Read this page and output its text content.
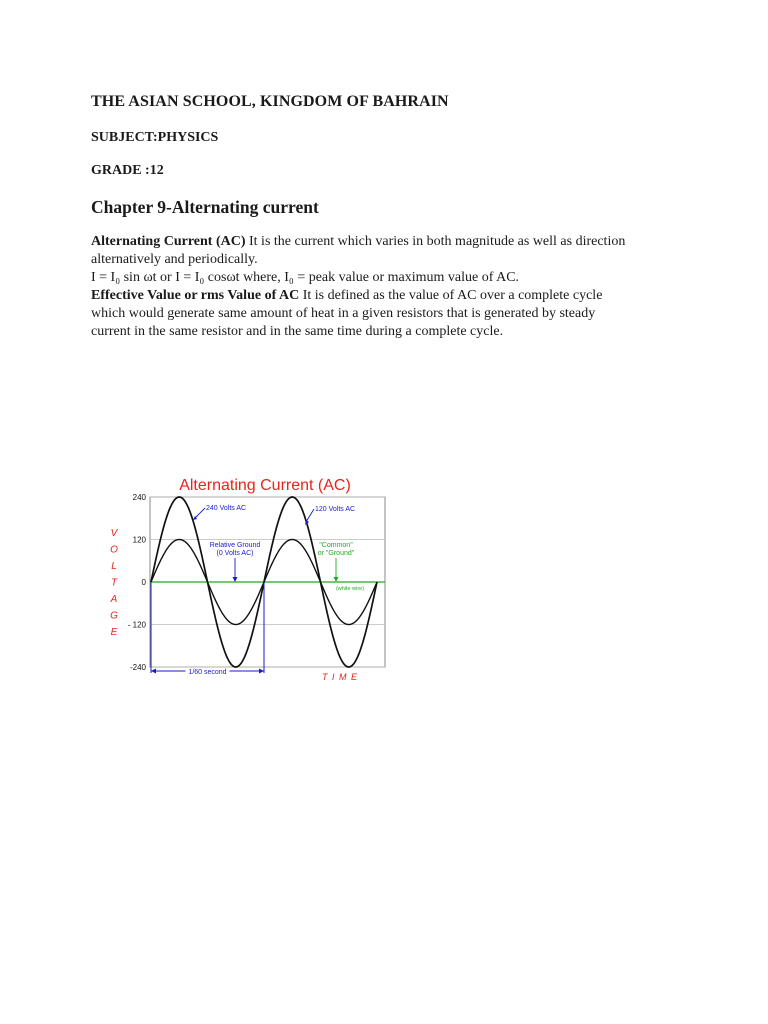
THE ASIAN SCHOOL, KINGDOM OF BAHRAIN
SUBJECT:PHYSICS
GRADE :12
Chapter 9-Alternating current

Alternating Current (AC) It is the current which varies in both magnitude as well as direction

alternatively and periodically.

I = I₀ sin ωt or I = I₀ cosωt where, I₀ = peak value or maximum value of AC.

Effective Value or rms Value of AC It is defined as the value of AC over a complete cycle

which would generate same amount of heat in a given resistors that is generated by steady

current in the same resistor and in the same time during a complete cycle.

Alternating Current (AC)
240
120
0
- 120
-240
V
O
L
T
A
G
E
1/60 second	T I M E
240 Volts AC	120 Volts AC
Relative Ground
(0 Volts AC)
"Common"
or "Ground"
(white wire)
